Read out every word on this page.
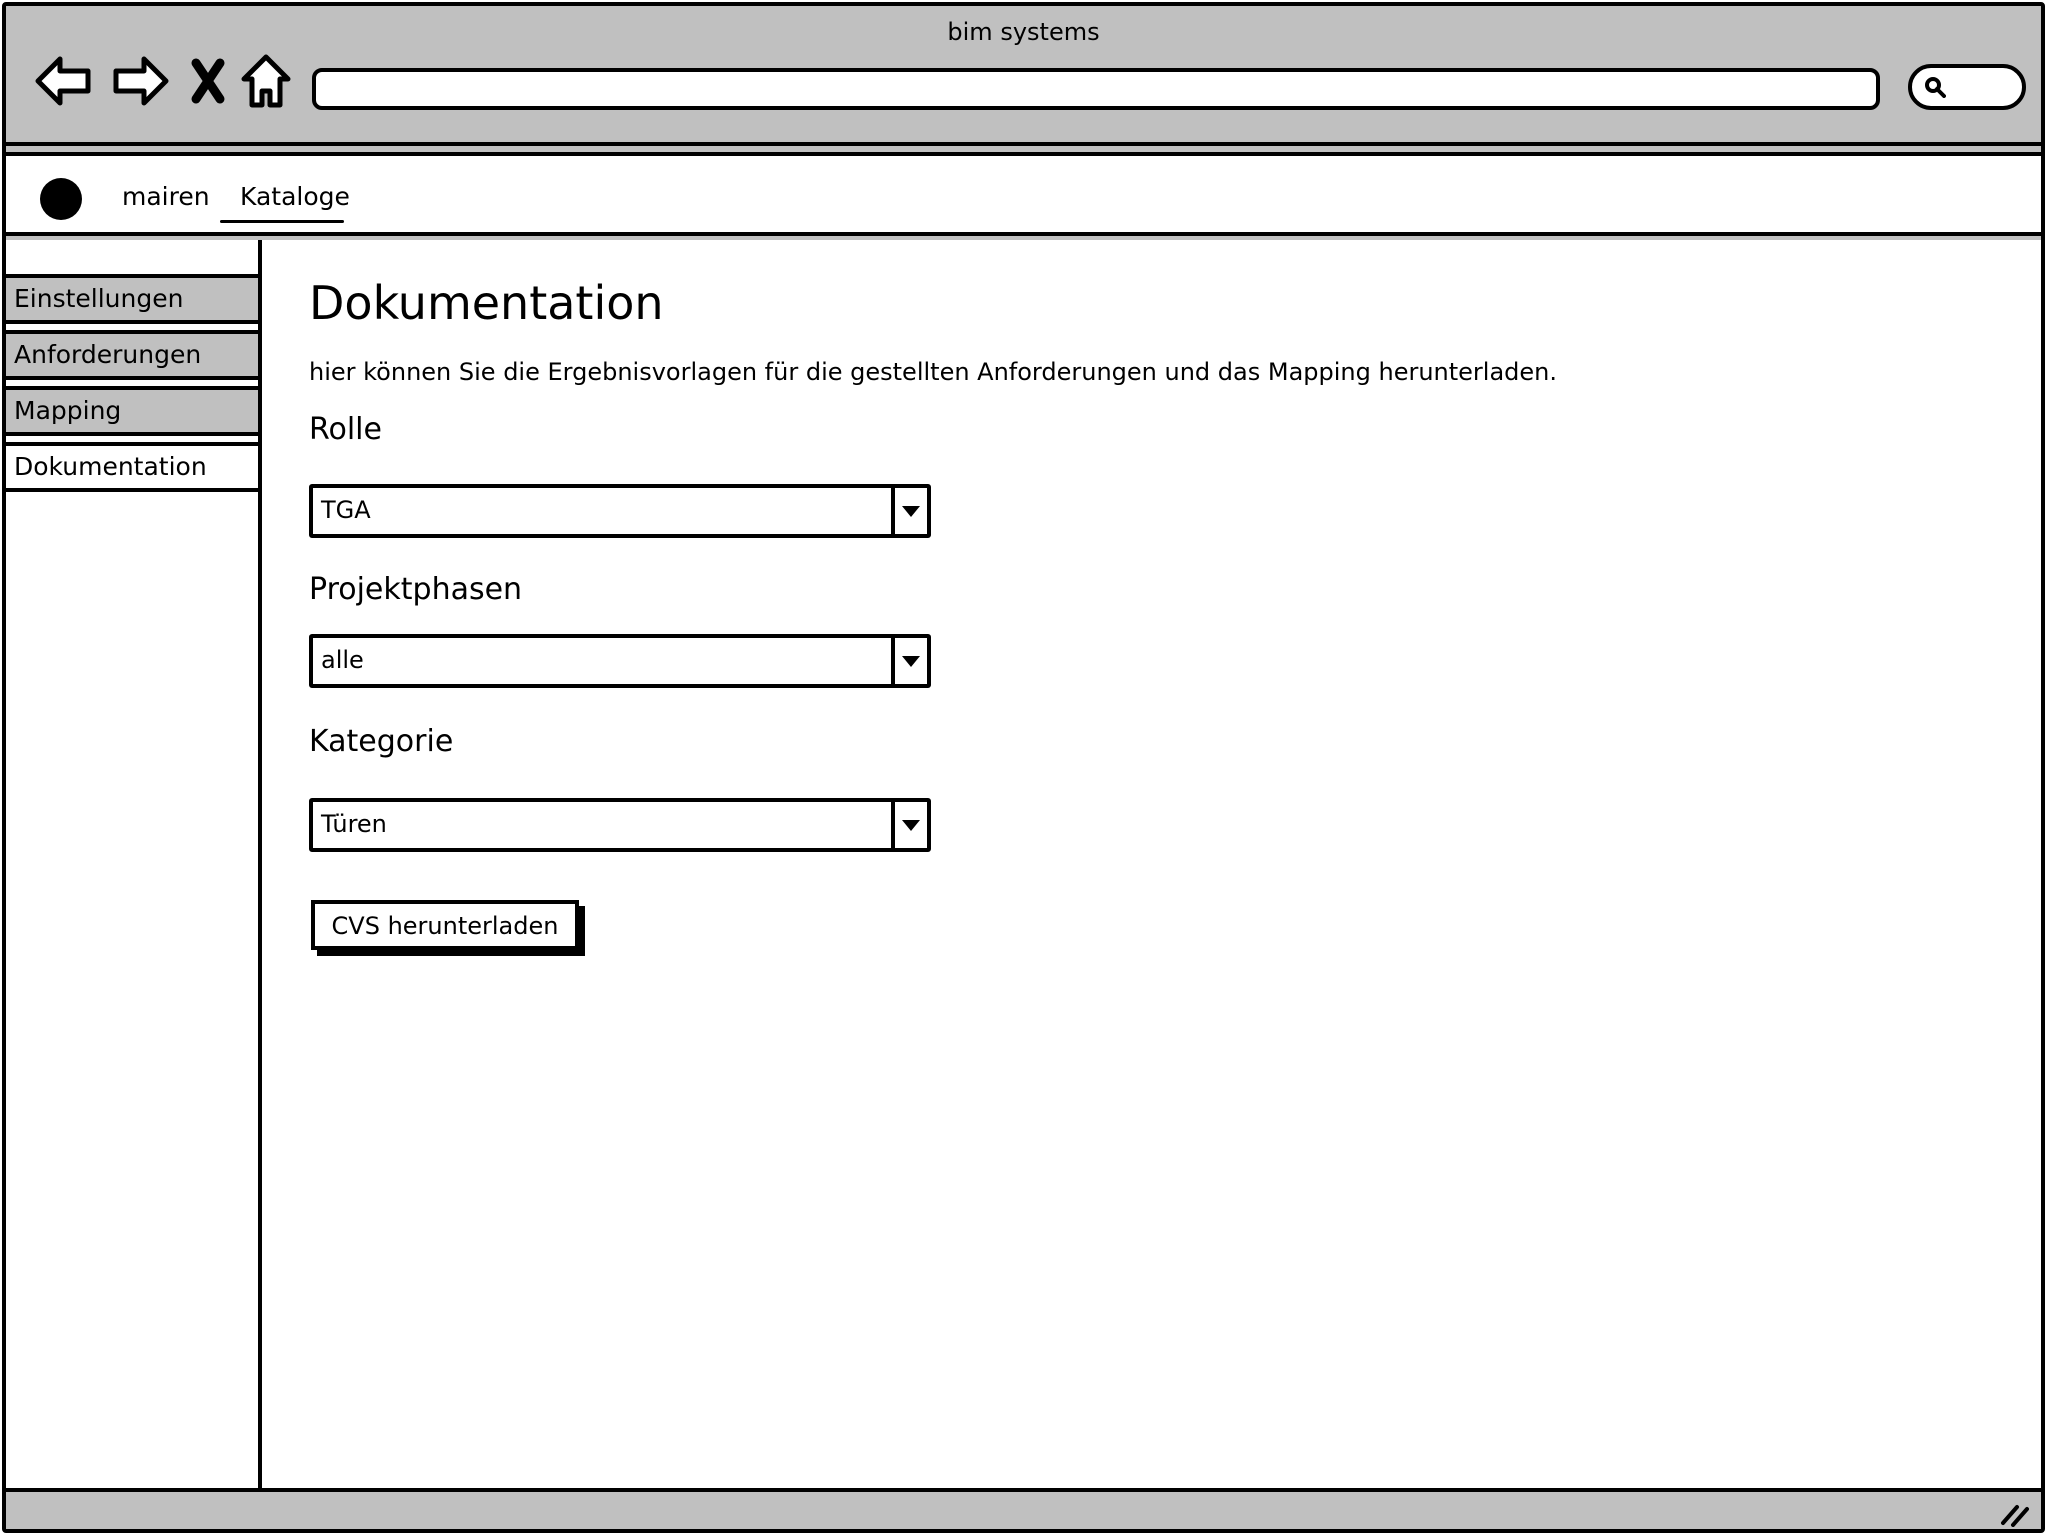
bim systems
mairen Kataloge
Einstellungen
Anforderungen
Mapping
Dokumentation
Dokumentation

hier können Sie die Ergebnisvorlagen für die gestellten Anforderungen und das Mapping herunterladen.

Rolle
TGA
Projektphasen
alle
Kategorie
Türen
CVS herunterladen
